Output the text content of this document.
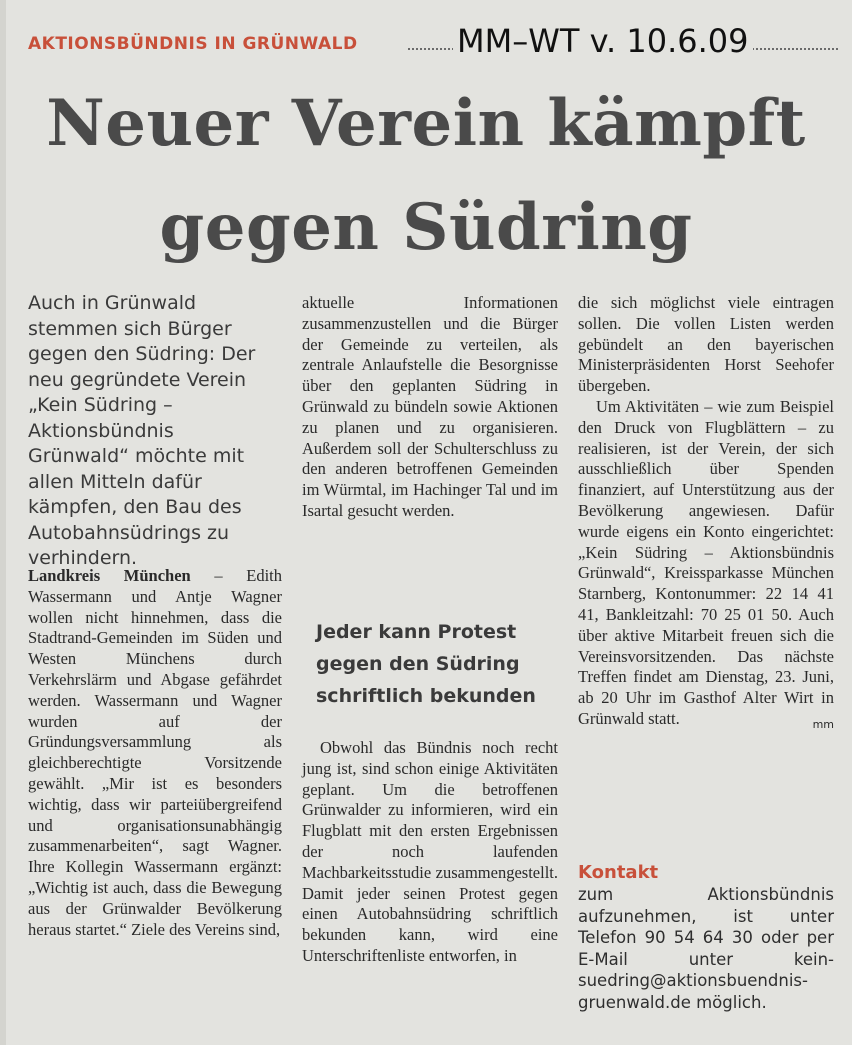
AKTIONSBÜNDNIS IN GRÜNWALD	MM–WT v. 10.6.09
Neuer Verein kämpft
gegen Südring
Auch in Grünwald stemmen sich Bürger gegen den Südring: Der neu gegründete Verein „Kein Südring – Aktionsbündnis Grünwald“ möchte mit allen Mitteln dafür kämpfen, den Bau des Autobahnsüdrings zu verhindern.

Landkreis München – Edith Wassermann und Antje Wagner wollen nicht hinnehmen, dass die Stadtrand-Gemeinden im Süden und Westen Münchens durch Verkehrslärm und Abgase gefährdet werden. Wassermann und Wagner wurden auf der Gründungsversammlung als gleichberechtigte Vorsitzende gewählt. „Mir ist es besonders wichtig, dass wir parteiübergreifend und organisationsunabhängig zusammenarbeiten“, sagt Wagner. Ihre Kollegin Wassermann ergänzt: „Wichtig ist auch, dass die Bewegung aus der Grünwalder Bevölkerung heraus startet.“ Ziele des Vereins sind,

aktuelle Informationen zusammenzustellen und die Bürger der Gemeinde zu verteilen, als zentrale Anlaufstelle die Besorgnisse über den geplanten Südring in Grünwald zu bündeln sowie Aktionen zu planen und zu organisieren. Außerdem soll der Schulterschluss zu den anderen betroffenen Gemeinden im Würmtal, im Hachinger Tal und im Isartal gesucht werden.

Jeder kann Protest gegen den Südring schriftlich bekunden

Obwohl das Bündnis noch recht jung ist, sind schon einige Aktivitäten geplant. Um die betroffenen Grünwalder zu informieren, wird ein Flugblatt mit den ersten Ergebnissen der noch laufenden Machbarkeitsstudie zusammengestellt. Damit jeder seinen Protest gegen einen Autobahnsüdring schriftlich bekunden kann, wird eine Unterschriftenliste entworfen, in

die sich möglichst viele eintragen sollen. Die vollen Listen werden gebündelt an den bayerischen Ministerpräsidenten Horst Seehofer übergeben.

Um Aktivitäten – wie zum Beispiel den Druck von Flugblättern – zu realisieren, ist der Verein, der sich ausschließlich über Spenden finanziert, auf Unterstützung aus der Bevölkerung angewiesen. Dafür wurde eigens ein Konto eingerichtet: „Kein Südring – Aktionsbündnis Grünwald“, Kreissparkasse München Starnberg, Kontonummer: 22 14 41 41, Bankleitzahl: 70 25 01 50. Auch über aktive Mitarbeit freuen sich die Vereinsvorsitzenden. Das nächste Treffen findet am Dienstag, 23. Juni, ab 20 Uhr im Gasthof Alter Wirt in Grünwald statt.	mm

Kontakt
zum Aktionsbündnis aufzunehmen, ist unter Telefon 90 54 64 30 oder per E-Mail unter kein-suedring@aktionsbuendnis-gruenwald.de möglich.
